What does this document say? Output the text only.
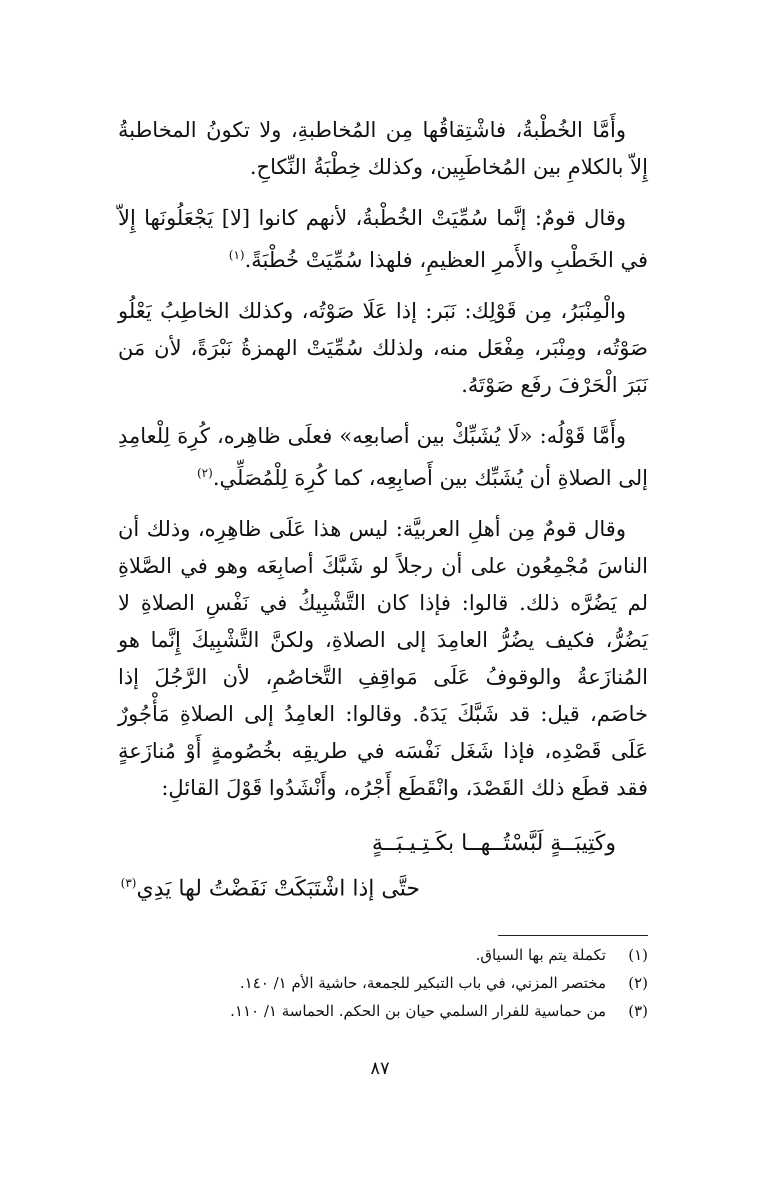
وأَمَّا الخُطْبةُ، فاشْتِقاقُها مِن المُخاطبةِ، ولا تكونُ المخاطبةُ إِلاّ بالكلامِ بين المُخاطَبِين، وكذلك خِطْبَةُ النِّكاحِ.

وقال قومٌ: إنَّما سُمِّيَتْ الخُطْبةُ، لأنهم كانوا [لا] يَجْعَلُونَها إِلاّ في الخَطْبِ والأَمرِ العظيمِ، فلهذا سُمِّيَتْ خُطْبَةً.$^{(١)}$

والْمِنْبَرُ، مِن قَوْلِك: نَبَر: إذا عَلَا صَوْتُه، وكذلك الخاطِبُ يَعْلُو صَوْتُه، ومِنْبَر، مِفْعَل منه، ولذلك سُمِّيَتْ الهمزةُ نَبْرَةً، لأن مَن نَبَرَ الْحَرْفَ رفَع صَوْتَهُ.

وأَمَّا قَوْلُه: «لَا يُشَبِّكْ بين أصابعِه» فعلَى ظاهِره، كُرِهَ لِلْعامِدِ إلى الصلاةِ أن يُشَبِّك بين أَصابِعِه، كما كُرِهَ لِلْمُصَلِّي.$^{(٢)}$

وقال قومٌ مِن أهلِ العربيَّة: ليس هذا عَلَى ظاهِرِه، وذلك أن الناسَ مُجْمِعُون على أن رجلاً لو شَبَّكَ أصابِعَه وهو في الصَّلاةِ لم يَضُرَّه ذلك. قالوا: فإذا كان التَّشْبِيكُ في نَفْسِ الصلاةِ لا يَضُرُّ، فكيف يضُرُّ العامِدَ إلى الصلاةِ، ولكنَّ التَّشْبِيكَ إِنَّما هو المُنازَعةُ والوقوفُ عَلَى مَواقِفِ التَّخاصُمِ، لأن الرَّجُلَ إذا خاصَم، قيل: قد شَبَّكَ يَدَهُ. وقالوا: العامِدُ إلى الصلاةِ مَأْجُورٌ عَلَى قَصْدِه، فإذا شَغَل نَفْسَه في طريقِه بخُصُومةٍ أَوْ مُنازَعةٍ فقد قطَع ذلك القَصْدَ، وانْقَطَع أَجْرُه، وأَنْشَدُوا قَوْلَ القائلِ:

وكَتِيبَــةٍ لَبَّسْتُــهــا بكَـتِـيـبَــةٍ
حتَّى إذا اشْتَبَكَتْ نَفَضْتُ لها يَدِي$^{(٣)}$
(١)
تكملة يتم بها السياق.
(٢)
مختصر المزني، في باب التبكير للجمعة، حاشية الأم ١/ ١٤٠.
(٣)
من حماسية للفرار السلمي حيان بن الحكم. الحماسة ١/ ١١٠.
٨٧
